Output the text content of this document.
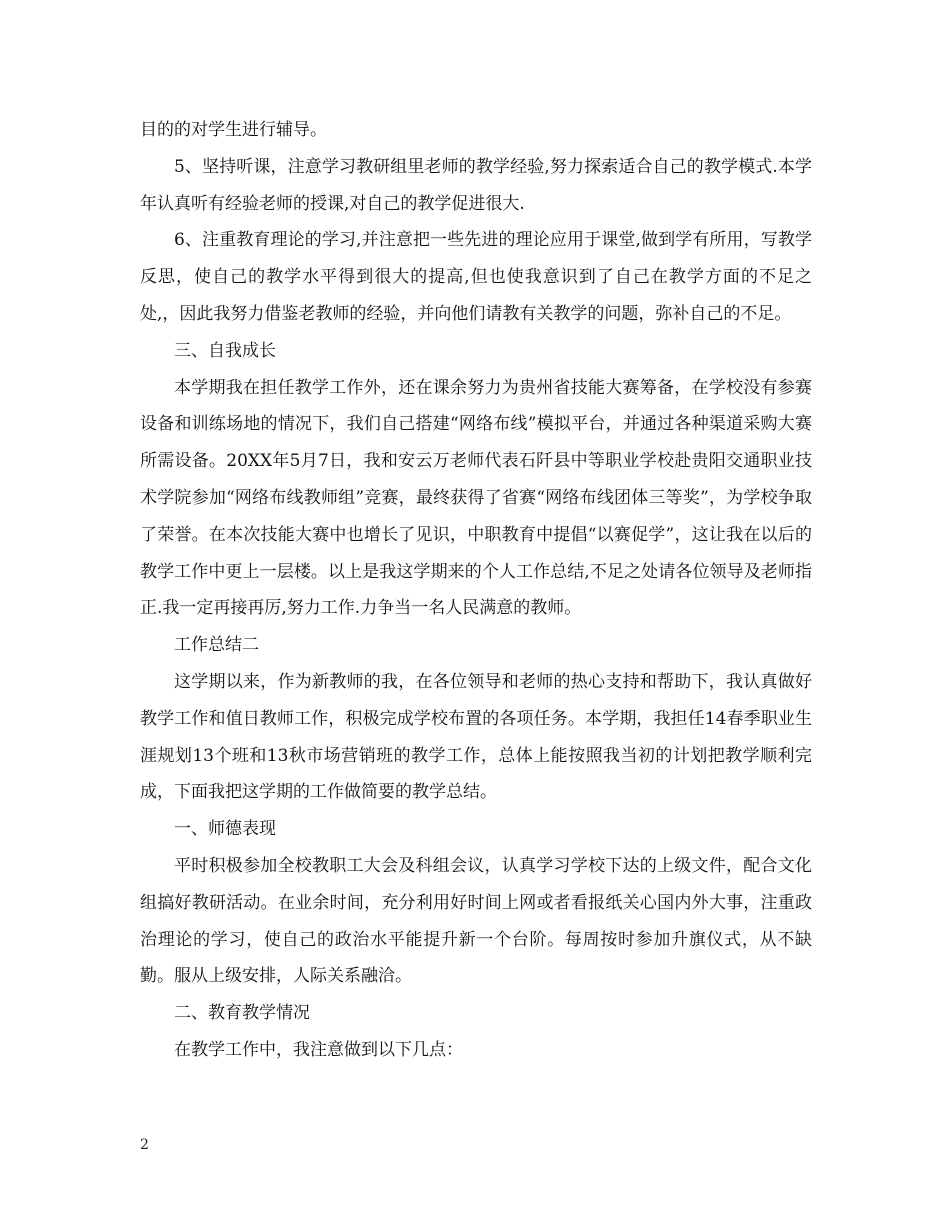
目的的对学生进行辅导。

5、坚持听课，注意学习教研组里老师的教学经验,努力探索适合自己的教学模式.本学年认真听有经验老师的授课,对自己的教学促进很大.

6、注重教育理论的学习,并注意把一些先进的理论应用于课堂,做到学有所用，写教学反思，使自己的教学水平得到很大的提高,但也使我意识到了自己在教学方面的不足之处,，因此我努力借鉴老教师的经验，并向他们请教有关教学的问题，弥补自己的不足。

三、自我成长

本学期我在担任教学工作外，还在课余努力为贵州省技能大赛筹备，在学校没有参赛设备和训练场地的情况下，我们自己搭建“网络布线”模拟平台，并通过各种渠道采购大赛所需设备。20XX年5月7日，我和安云万老师代表石阡县中等职业学校赴贵阳交通职业技术学院参加“网络布线教师组”竞赛，最终获得了省赛“网络布线团体三等奖”，为学校争取了荣誉。在本次技能大赛中也增长了见识，中职教育中提倡“以赛促学”，这让我在以后的教学工作中更上一层楼。以上是我这学期来的个人工作总结,不足之处请各位领导及老师指正.我一定再接再厉,努力工作.力争当一名人民满意的教师。

工作总结二

这学期以来，作为新教师的我，在各位领导和老师的热心支持和帮助下，我认真做好教学工作和值日教师工作，积极完成学校布置的各项任务。本学期，我担任14春季职业生涯规划13个班和13秋市场营销班的教学工作，总体上能按照我当初的计划把教学顺利完成，下面我把这学期的工作做简要的教学总结。

一、师德表现

平时积极参加全校教职工大会及科组会议，认真学习学校下达的上级文件，配合文化组搞好教研活动。在业余时间，充分利用好时间上网或者看报纸关心国内外大事，注重政治理论的学习，使自己的政治水平能提升新一个台阶。每周按时参加升旗仪式，从不缺勤。服从上级安排，人际关系融洽。

二、教育教学情况

在教学工作中，我注意做到以下几点：

2
